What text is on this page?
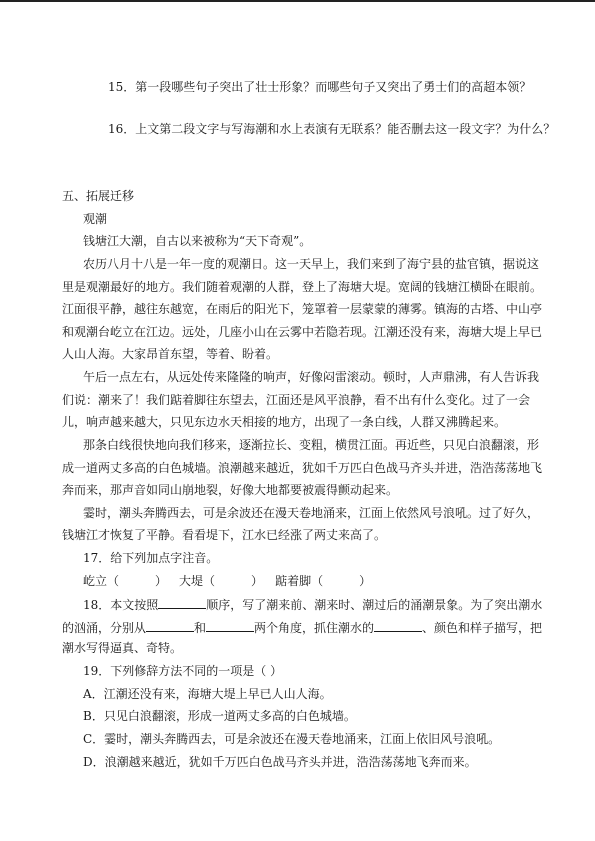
15．第一段哪些句子突出了壮士形象？而哪些句子又突出了勇士们的高超本领？
16．上文第二段文字与写海潮和水上表演有无联系？能否删去这一段文字？为什么？
五、拓展迁移
观潮
钱塘江大潮，自古以来被称为“天下奇观”。
农历八月十八是一年一度的观潮日。这一天早上，我们来到了海宁县的盐官镇，据说这
里是观潮最好的地方。我们随着观潮的人群，登上了海塘大堤。宽阔的钱塘江横卧在眼前。
江面很平静，越往东越宽，在雨后的阳光下，笼罩着一层蒙蒙的薄雾。镇海的古塔、中山亭
和观潮台屹立在江边。远处，几座小山在云雾中若隐若现。江潮还没有来，海塘大堤上早已
人山人海。大家昂首东望，等着、盼着。
午后一点左右，从远处传来隆隆的响声，好像闷雷滚动。顿时，人声鼎沸，有人告诉我
们说：潮来了！我们踮着脚往东望去，江面还是风平浪静，看不出有什么变化。过了一会
儿，响声越来越大，只见东边水天相接的地方，出现了一条白线，人群又沸腾起来。
那条白线很快地向我们移来，逐渐拉长、变粗，横贯江面。再近些，只见白浪翻滚，形
成一道两丈多高的白色城墙。浪潮越来越近，犹如千万匹白色战马齐头并进，浩浩荡荡地飞
奔而来，那声音如同山崩地裂，好像大地都要被震得颤动起来。
霎时，潮头奔腾西去，可是余波还在漫天卷地涌来，江面上依然风号浪吼。过了好久，
钱塘江才恢复了平静。看看堤下，江水已经涨了两丈来高了。
17．给下列加点字注音。
屹立（	） 大堤（	） 踮着脚（	）
18．本文按照	顺序，写了潮来前、潮来时、潮过后的涌潮景象。为了突出潮水
的汹涌，分别从	和	两个角度，抓住潮水的	、颜色和样子描写，把
潮水写得逼真、奇特。
19．下列修辞方法不同的一项是（ ）
A．江潮还没有来，海塘大堤上早已人山人海。
B．只见白浪翻滚，形成一道两丈多高的白色城墙。
C．霎时，潮头奔腾西去，可是余波还在漫天卷地涌来，江面上依旧风号浪吼。
D．浪潮越来越近，犹如千万匹白色战马齐头并进，浩浩荡荡地飞奔而来。
